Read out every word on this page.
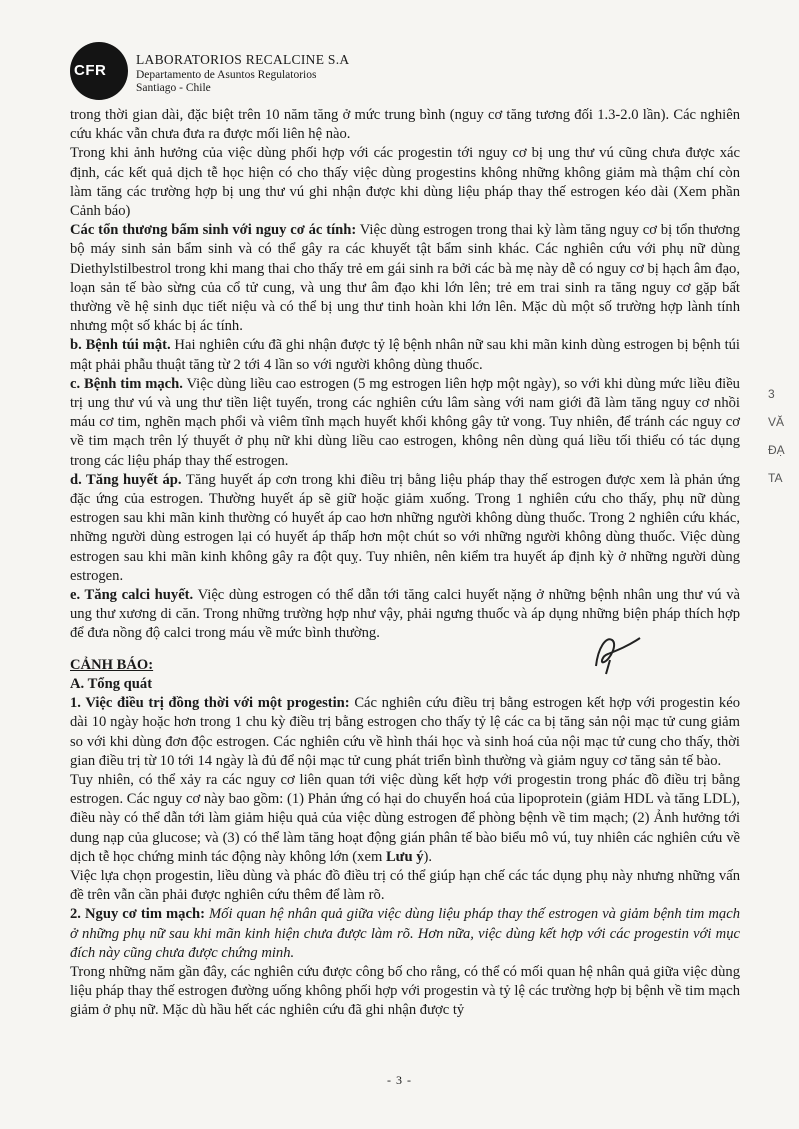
CFR
LABORATORIOS RECALCINE S.A
Departamento de Asuntos Regulatorios
Santiago - Chile

trong thời gian dài, đặc biệt trên 10 năm tăng ở mức trung bình (nguy cơ tăng tương đối 1.3-2.0 lần). Các nghiên cứu khác vẫn chưa đưa ra được mối liên hệ nào.

Trong khi ảnh hưởng của việc dùng phối hợp với các progestin tới nguy cơ bị ung thư vú cũng chưa được xác định, các kết quả dịch tễ học hiện có cho thấy việc dùng progestins không những không giảm mà thậm chí còn làm tăng các trường hợp bị ung thư vú ghi nhận được khi dùng liệu pháp thay thế estrogen kéo dài (Xem phần Cảnh báo)

Các tổn thương bẩm sinh với nguy cơ ác tính: Việc dùng estrogen trong thai kỳ làm tăng nguy cơ bị tổn thương bộ máy sinh sản bẩm sinh và có thể gây ra các khuyết tật bẩm sinh khác. Các nghiên cứu với phụ nữ dùng Diethylstilbestrol trong khi mang thai cho thấy trẻ em gái sinh ra bởi các bà mẹ này dễ có nguy cơ bị hạch âm đạo, loạn sản tế bào sừng của cổ tử cung, và ung thư âm đạo khi lớn lên; trẻ em trai sinh ra tăng nguy cơ gặp bất thường về hệ sinh dục tiết niệu và có thể bị ung thư tinh hoàn khi lớn lên. Mặc dù một số trường hợp lành tính nhưng một số khác bị ác tính.

b. Bệnh túi mật. Hai nghiên cứu đã ghi nhận được tỷ lệ bệnh nhân nữ sau khi mãn kinh dùng estrogen bị bệnh túi mật phải phẫu thuật tăng từ 2 tới 4 lần so với người không dùng thuốc.

c. Bệnh tim mạch. Việc dùng liều cao estrogen (5 mg estrogen liên hợp một ngày), so với khi dùng mức liều điều trị ung thư vú và ung thư tiền liệt tuyến, trong các nghiên cứu lâm sàng với nam giới đã làm tăng nguy cơ nhồi máu cơ tim, nghẽn mạch phổi và viêm tĩnh mạch huyết khối không gây tử vong. Tuy nhiên, để tránh các nguy cơ về tim mạch trên lý thuyết ở phụ nữ khi dùng liều cao estrogen, không nên dùng quá liều tối thiểu có tác dụng trong các liệu pháp thay thế estrogen.

d. Tăng huyết áp. Tăng huyết áp cơn trong khi điều trị bằng liệu pháp thay thế estrogen được xem là phản ứng đặc ứng của estrogen. Thường huyết áp sẽ giữ hoặc giảm xuống. Trong 1 nghiên cứu cho thấy, phụ nữ dùng estrogen sau khi mãn kinh thường có huyết áp cao hơn những người không dùng thuốc. Trong 2 nghiên cứu khác, những người dùng estrogen lại có huyết áp thấp hơn một chút so với những người không dùng thuốc. Việc dùng estrogen sau khi mãn kinh không gây ra đột quỵ. Tuy nhiên, nên kiểm tra huyết áp định kỳ ở những người dùng estrogen.

e. Tăng calci huyết. Việc dùng estrogen có thể dẫn tới tăng calci huyết nặng ở những bệnh nhân ung thư vú và ung thư xương di căn. Trong những trường hợp như vậy, phải ngưng thuốc và áp dụng những biện pháp thích hợp để đưa nồng độ calci trong máu về mức bình thường.

CẢNH BÁO:

A. Tổng quát

1. Việc điều trị đồng thời với một progestin: Các nghiên cứu điều trị bằng estrogen kết hợp với progestin kéo dài 10 ngày hoặc hơn trong 1 chu kỳ điều trị bằng estrogen cho thấy tỷ lệ các ca bị tăng sản nội mạc tử cung giảm so với khi dùng đơn độc estrogen. Các nghiên cứu về hình thái học và sinh hoá của nội mạc tử cung cho thấy, thời gian điều trị từ 10 tới 14 ngày là đủ để nội mạc tử cung phát triển bình thường và giảm nguy cơ tăng sản tế bào.

Tuy nhiên, có thể xảy ra các nguy cơ liên quan tới việc dùng kết hợp với progestin trong phác đồ điều trị bằng estrogen. Các nguy cơ này bao gồm: (1) Phản ứng có hại do chuyển hoá của lipoprotein (giảm HDL và tăng LDL), điều này có thể dẫn tới làm giảm hiệu quả của việc dùng estrogen để phòng bệnh về tim mạch; (2) Ảnh hưởng tới dung nạp của glucose; và (3) có thể làm tăng hoạt động gián phân tế bào biểu mô vú, tuy nhiên các nghiên cứu về dịch tễ học chứng minh tác động này không lớn (xem Lưu ý).

Việc lựa chọn progestin, liều dùng và phác đồ điều trị có thể giúp hạn chế các tác dụng phụ này nhưng những vấn đề trên vẫn cần phải được nghiên cứu thêm để làm rõ.

2. Nguy cơ tim mạch: Mối quan hệ nhân quả giữa việc dùng liệu pháp thay thế estrogen và giảm bệnh tim mạch ở những phụ nữ sau khi mãn kinh hiện chưa được làm rõ. Hơn nữa, việc dùng kết hợp với các progestin với mục đích này cũng chưa được chứng minh.

Trong những năm gần đây, các nghiên cứu được công bố cho rằng, có thể có mối quan hệ nhân quả giữa việc dùng liệu pháp thay thế estrogen đường uống không phối hợp với progestin và tỷ lệ các trường hợp bị bệnh về tim mạch giảm ở phụ nữ. Mặc dù hầu hết các nghiên cứu đã ghi nhận được tỷ

3
VĂ
ĐẠ
TA
- 3 -
